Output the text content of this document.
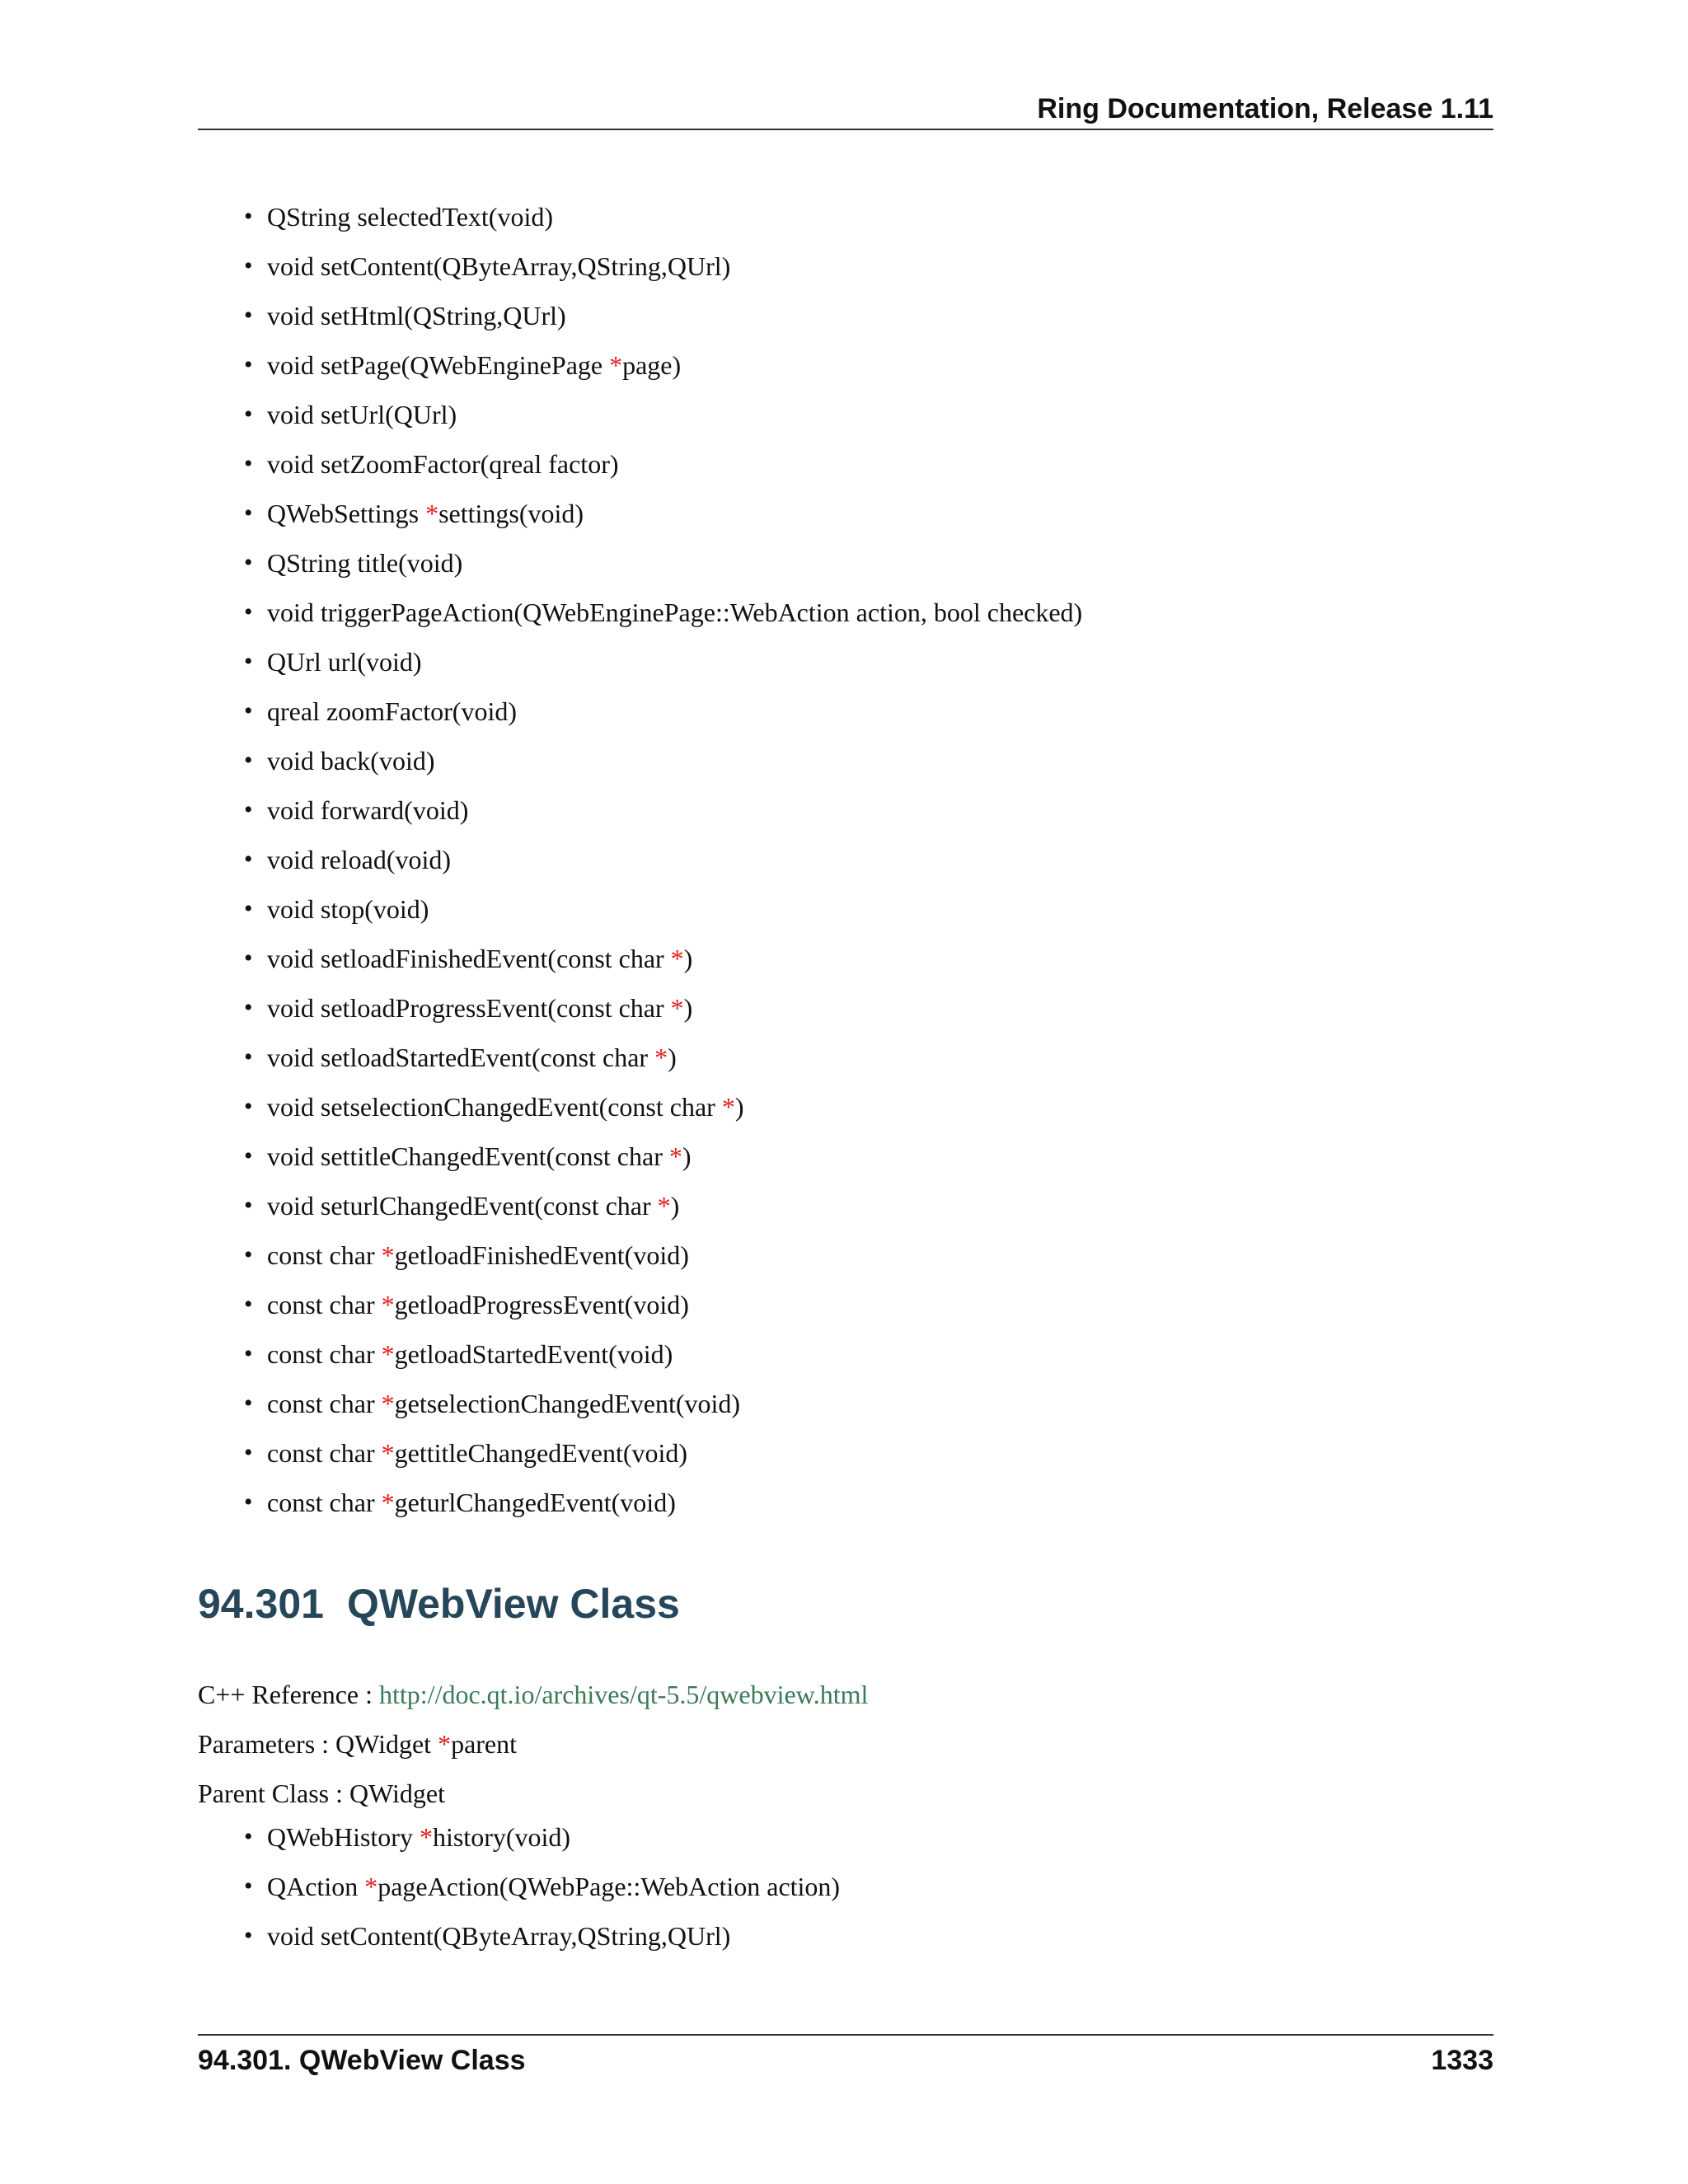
Ring Documentation, Release 1.11
• QString selectedText(void)
• void setContent(QByteArray,QString,QUrl)
• void setHtml(QString,QUrl)
• void setPage(QWebEnginePage *page)
• void setUrl(QUrl)
• void setZoomFactor(qreal factor)
• QWebSettings *settings(void)
• QString title(void)
• void triggerPageAction(QWebEnginePage::WebAction action, bool checked)
• QUrl url(void)
• qreal zoomFactor(void)
• void back(void)
• void forward(void)
• void reload(void)
• void stop(void)
• void setloadFinishedEvent(const char *)
• void setloadProgressEvent(const char *)
• void setloadStartedEvent(const char *)
• void setselectionChangedEvent(const char *)
• void settitleChangedEvent(const char *)
• void seturlChangedEvent(const char *)
• const char *getloadFinishedEvent(void)
• const char *getloadProgressEvent(void)
• const char *getloadStartedEvent(void)
• const char *getselectionChangedEvent(void)
• const char *gettitleChangedEvent(void)
• const char *geturlChangedEvent(void)
94.301 QWebView Class
C++ Reference : http://doc.qt.io/archives/qt-5.5/qwebview.html
Parameters : QWidget *parent
Parent Class : QWidget
• QWebHistory *history(void)
• QAction *pageAction(QWebPage::WebAction action)
• void setContent(QByteArray,QString,QUrl)
94.301. QWebView Class	1333
